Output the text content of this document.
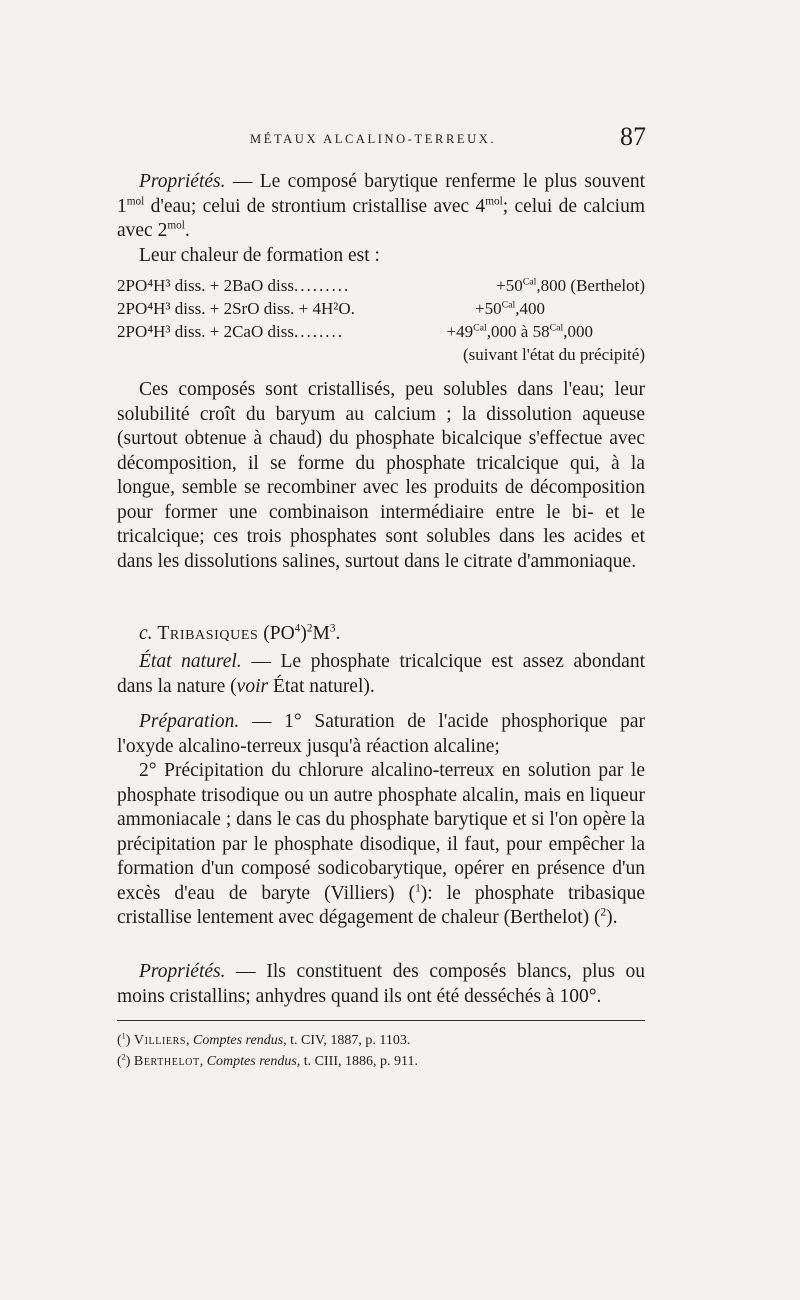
MÉTAUX ALCALINO-TERREUX.	87

Propriétés. — Le composé barytique renferme le plus souvent $1^{mol}$ d'eau; celui de strontium cristallise avec $4^{mol}$; celui de calcium avec $2^{mol}$.

Leur chaleur de formation est :

2PO⁴H³ diss. + 2BaO diss.........	$+50^{Cal},800$ (Berthelot)
2PO⁴H³ diss. + 2SrO diss. + 4H²O.	$+50^{Cal},400$
2PO⁴H³ diss. + 2CaO diss........	$+49^{Cal},000$ à $58^{Cal},000$
(suivant l'état du précipité)

Ces composés sont cristallisés, peu solubles dans l'eau; leur solubilité croît du baryum au calcium ; la dissolution aqueuse (surtout obtenue à chaud) du phosphate bicalcique s'effectue avec décomposition, il se forme du phosphate tricalcique qui, à la longue, semble se recombiner avec les produits de décomposition pour former une combinaison intermédiaire entre le bi- et le tricalcique; ces trois phosphates sont solubles dans les acides et dans les dissolutions salines, surtout dans le citrate d'ammoniaque.

c. Tribasiques $(PO^4)^2M^3$.

État naturel. — Le phosphate tricalcique est assez abondant dans la nature (voir État naturel).

Préparation. — 1° Saturation de l'acide phosphorique par l'oxyde alcalino-terreux jusqu'à réaction alcaline;

2° Précipitation du chlorure alcalino-terreux en solution par le phosphate trisodique ou un autre phosphate alcalin, mais en liqueur ammoniacale ; dans le cas du phosphate barytique et si l'on opère la précipitation par le phosphate disodique, il faut, pour empêcher la formation d'un composé sodicobarytique, opérer en présence d'un excès d'eau de baryte (Villiers) ($^1$): le phosphate tribasique cristallise lentement avec dégagement de chaleur (Berthelot) ($^2$).

Propriétés. — Ils constituent des composés blancs, plus ou moins cristallins; anhydres quand ils ont été desséchés à 100°.

($^1$) Villiers, Comptes rendus, t. CIV, 1887, p. 1103.
($^2$) Berthelot, Comptes rendus, t. CIII, 1886, p. 911.
